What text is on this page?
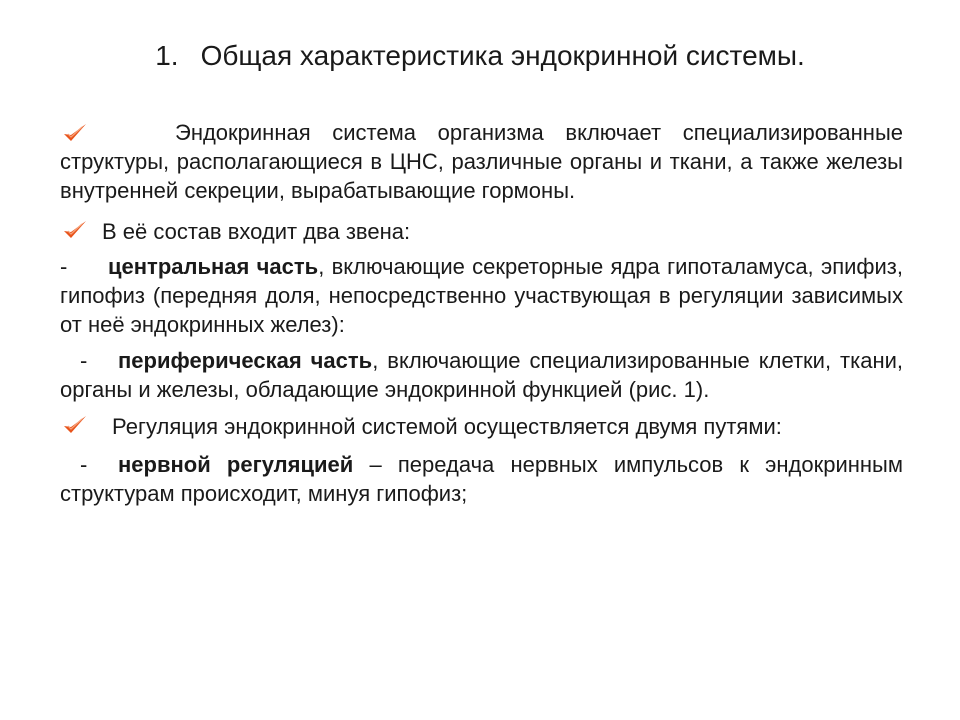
1. Общая характеристика эндокринной системы.
Эндокринная система организма включает специализированные структуры, располагающиеся в ЦНС, различные органы и ткани, а также железы внутренней секреции, вырабатывающие гормоны.
В её состав входит два звена:
- центральная часть, включающие секреторные ядра гипоталамуса, эпифиз, гипофиз (передняя доля, непосредственно участвующая в регуляции зависимых от неё эндокринных желез):
- периферическая часть, включающие специализированные клетки, ткани, органы и железы, обладающие эндокринной функцией (рис. 1).
Регуляция эндокринной системой осуществляется двумя путями:
- нервной регуляцией – передача нервных импульсов к эндокринным структурам происходит, минуя гипофиз;
